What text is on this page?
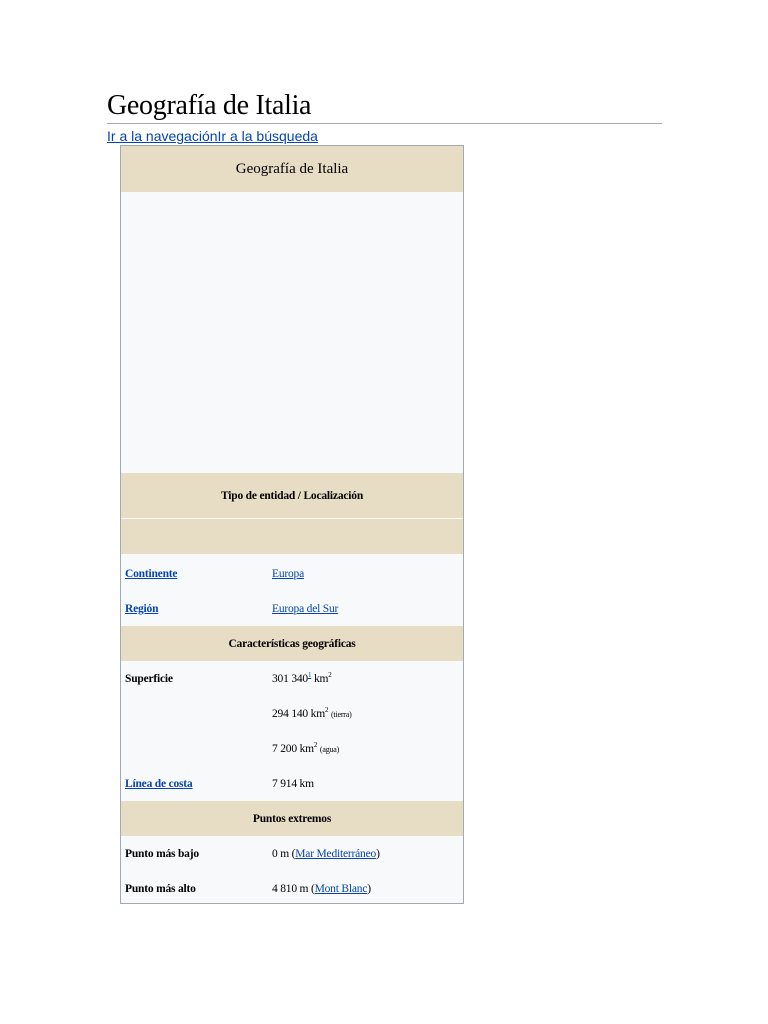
Geografía de Italia
Ir a la navegaciónIr a la búsqueda
Geografía de Italia
Tipo de entidad / Localización
Continente	Europa
Región	Europa del Sur
Características geográficas
Superficie	301 $340^1$ $km^2$
294 140 $km^2$ (tierra)
7 200 $km^2$ (agua)
Línea de costa	7 914 km
Puntos extremos
Punto más bajo	0 m (Mar Mediterráneo)
Punto más alto	4 810 m (Mont Blanc)
